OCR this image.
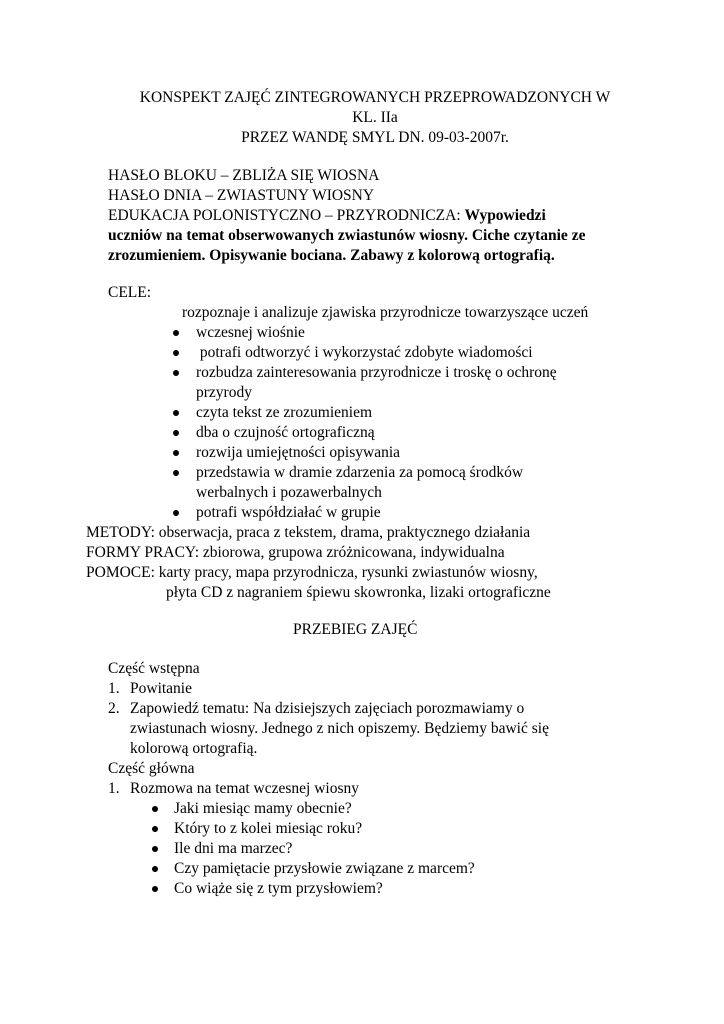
KONSPEKT ZAJĘĆ ZINTEGROWANYCH PRZEPROWADZONYCH W
KL. IIa
PRZEZ WANDĘ SMYL DN. 09-03-2007r.
HASŁO BLOKU – ZBLIŻA SIĘ WIOSNA
HASŁO DNIA – ZWIASTUNY WIOSNY
EDUKACJA POLONISTYCZNO – PRZYRODNICZA: Wypowiedzi
uczniów na temat obserwowanych zwiastunów wiosny. Ciche czytanie ze
zrozumieniem. Opisywanie bociana. Zabawy z kolorową ortografią.
CELE:
rozpoznaje i analizuje zjawiska przyrodnicze towarzyszące uczeń
wczesnej wiośnie
potrafi odtworzyć i wykorzystać zdobyte wiadomości
rozbudza zainteresowania przyrodnicze i troskę o ochronę
przyrody
czyta tekst ze zrozumieniem
dba o czujność ortograficzną
rozwija umiejętności opisywania
przedstawia w dramie zdarzenia za pomocą środków
werbalnych i pozawerbalnych
potrafi współdziałać w grupie
METODY: obserwacja, praca z tekstem, drama, praktycznego działania
FORMY PRACY: zbiorowa, grupowa zróżnicowana, indywidualna
POMOCE: karty pracy, mapa przyrodnicza, rysunki zwiastunów wiosny,
płyta CD z nagraniem śpiewu skowronka, lizaki ortograficzne
PRZEBIEG ZAJĘĆ
Część wstępna
1. Powitanie
2. Zapowiedź tematu: Na dzisiejszych zajęciach porozmawiamy o
zwiastunach wiosny. Jednego z nich opiszemy. Będziemy bawić się
kolorową ortografią.
Część główna
1. Rozmowa na temat wczesnej wiosny
Jaki miesiąc mamy obecnie?
Który to z kolei miesiąc roku?
Ile dni ma marzec?
Czy pamiętacie przysłowie związane z marcem?
Co wiąże się z tym przysłowiem?
